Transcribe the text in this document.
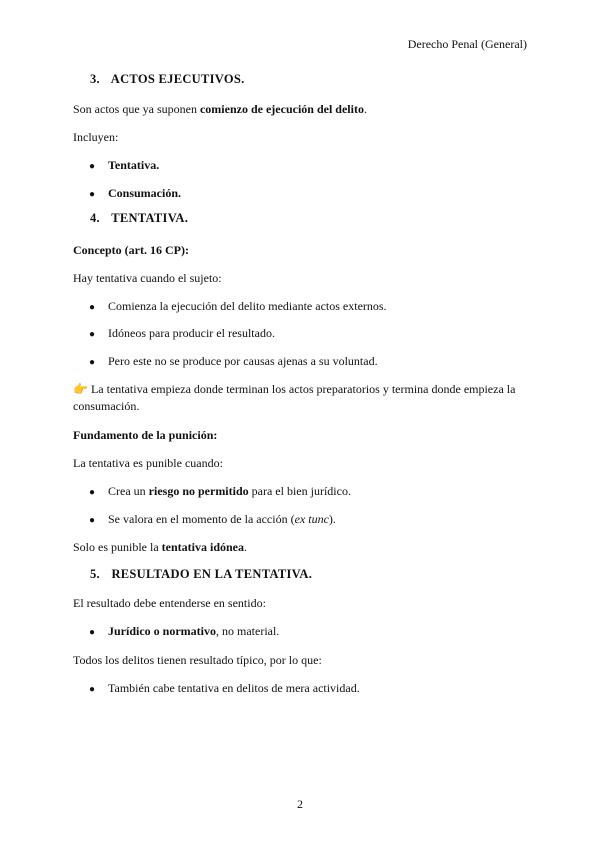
Derecho Penal (General)
3. ACTOS EJECUTIVOS.
Son actos que ya suponen comienzo de ejecución del delito.
Incluyen:
● Tentativa.
● Consumación.
4. TENTATIVA.
Concepto (art. 16 CP):
Hay tentativa cuando el sujeto:
● Comienza la ejecución del delito mediante actos externos.
● Idóneos para producir el resultado.
● Pero este no se produce por causas ajenas a su voluntad.
👉 La tentativa empieza donde terminan los actos preparatorios y termina donde empieza la consumación.
Fundamento de la punición:
La tentativa es punible cuando:
● Crea un riesgo no permitido para el bien jurídico.
● Se valora en el momento de la acción (ex tunc).
Solo es punible la tentativa idónea.
5. RESULTADO EN LA TENTATIVA.
El resultado debe entenderse en sentido:
● Jurídico o normativo, no material.
Todos los delitos tienen resultado típico, por lo que:
● También cabe tentativa en delitos de mera actividad.
2
